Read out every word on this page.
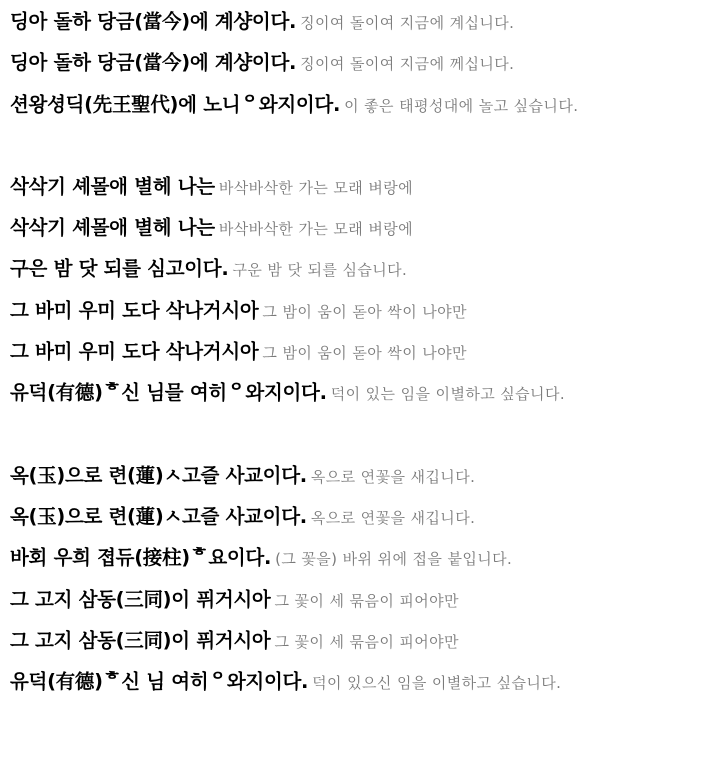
딩아 돌하 당금(當今)에 계샹이다. 징이여 돌이여 지금에 계십니다.
딩아 돌하 당금(當今)에 계샹이다. 징이여 돌이여 지금에 께십니다.
션왕셩딕(先王聖代)에 노니ᄋ와지이다. 이 좋은 태평성대에 놀고 싶습니다.
삭삭기 셰몰애 별헤 나는 바삭바삭한 가는 모래 벼랑에
삭삭기 셰몰애 별헤 나는 바삭바삭한 가는 모래 벼랑에
구은 밤 닷 되를 심고이다. 구운 밤 닷 되를 심습니다.
그 바미 우미 도다 삭나거시아 그 밤이 움이 돋아 싹이 나야만
그 바미 우미 도다 삭나거시아 그 밤이 움이 돋아 싹이 나야만
유덕(有德)ᄒ신 님믈 여히ᄋ와지이다. 덕이 있는 임을 이별하고 싶습니다.
옥(玉)으로 련(蓮)ㅅ고즐 사교이다. 옥으로 연꽃을 새깁니다.
옥(玉)으로 련(蓮)ㅅ고즐 사교이다. 옥으로 연꽃을 새깁니다.
바회 우희 졉듀(接柱)ᄒ요이다. (그 꽃을) 바위 위에 접을 붙입니다.
그 고지 삼동(三同)이 퓌거시아 그 꽃이 세 묶음이 피어야만
그 고지 삼동(三同)이 퓌거시아 그 꽃이 세 묶음이 피어야만
유덕(有德)ᄒ신 님 여히ᄋ와지이다. 덕이 있으신 임을 이별하고 싶습니다.
